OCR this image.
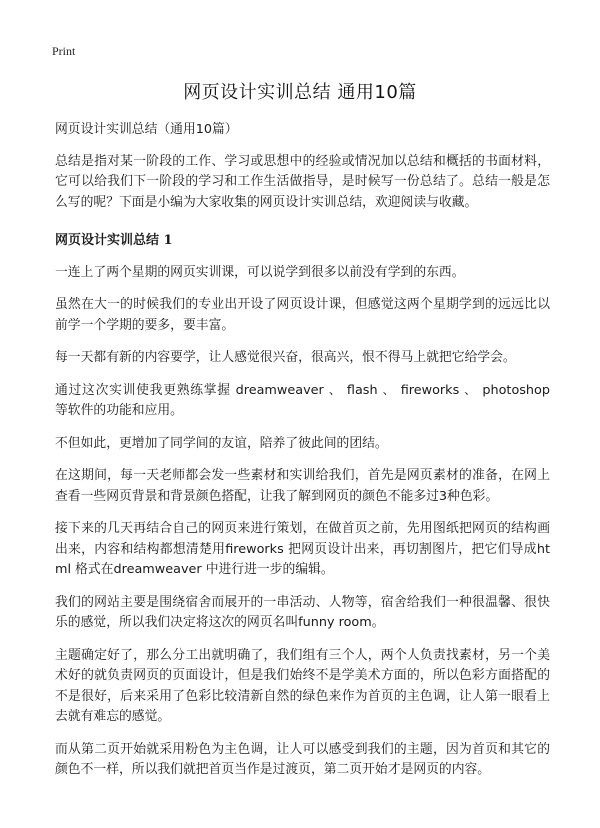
Print
网页设计实训总结 通用10篇

网页设计实训总结（通用10篇）

总结是指对某一阶段的工作、学习或思想中的经验或情况加以总结和概括的书面材料，它可以给我们下一阶段的学习和工作生活做指导，是时候写一份总结了。总结一般是怎么写的呢？下面是小编为大家收集的网页设计实训总结，欢迎阅读与收藏。

网页设计实训总结 1

一连上了两个星期的网页实训课，可以说学到很多以前没有学到的东西。

虽然在大一的时候我们的专业出开设了网页设计课，但感觉这两个星期学到的远远比以前学一个学期的要多，要丰富。

每一天都有新的内容要学，让人感觉很兴奋，很高兴，恨不得马上就把它给学会。

通过这次实训使我更熟练掌握 dreamweaver 、 flash 、 fireworks 、 photoshop 等软件的功能和应用。

不但如此，更增加了同学间的友谊，陪养了彼此间的团结。

在这期间，每一天老师都会发一些素材和实训给我们，首先是网页素材的准备，在网上查看一些网页背景和背景颜色搭配，让我了解到网页的颜色不能多过3种色彩。

接下来的几天再结合自己的网页来进行策划，在做首页之前，先用图纸把网页的结构画出来，内容和结构都想清楚用fireworks 把网页设计出来，再切割图片，把它们导成html 格式在dreamweaver 中进行进一步的编辑。

我们的网站主要是围绕宿舍而展开的一串活动、人物等，宿舍给我们一种很温馨、很快乐的感觉，所以我们决定将这次的网页名叫funny room。

主题确定好了，那么分工出就明确了，我们组有三个人，两个人负责找素材，另一个美术好的就负责网页的页面设计，但是我们始终不是学美术方面的，所以色彩方面搭配的不是很好，后来采用了色彩比较清新自然的绿色来作为首页的主色调，让人第一眼看上去就有难忘的感觉。

而从第二页开始就采用粉色为主色调，让人可以感受到我们的主题，因为首页和其它的颜色不一样，所以我们就把首页当作是过渡页，第二页开始才是网页的内容。
